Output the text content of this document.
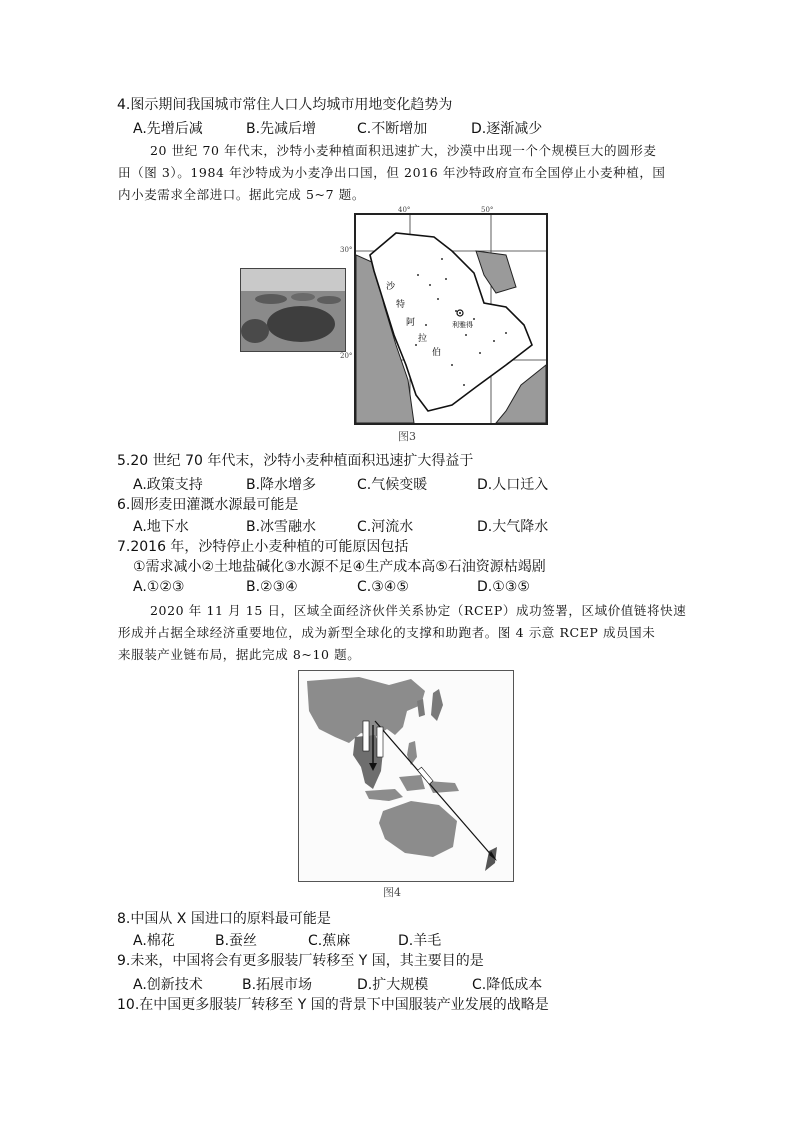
4.图示期间我国城市常住人口人均城市用地变化趋势为
A.先增后减	B.先减后增	C.不断增加	D.逐渐减少
20 世纪 70 年代末，沙特小麦种植面积迅速扩大，沙漠中出现一个个规模巨大的圆形麦
田（图 3）。1984 年沙特成为小麦净出口国，但 2016 年沙特政府宣布全国停止小麦种植，国
内小麦需求全部进口。据此完成 5~7 题。
利雅得
沙
特
阿
拉
伯
40°	50°
30°
20°
图3
5.20 世纪 70 年代末，沙特小麦种植面积迅速扩大得益于
A.政策支持	B.降水增多	C.气候变暖	D.人口迁入
6.圆形麦田灌溉水源最可能是
A.地下水	B.冰雪融水	C.河流水	D.大气降水
7.2016 年，沙特停止小麦种植的可能原因包括
①需求减小②土地盐碱化③水源不足④生产成本高⑤石油资源枯竭剧
A.①②③	B.②③④	C.③④⑤	D.①③⑤
2020 年 11 月 15 日，区域全面经济伙伴关系协定（RCEP）成功签署，区域价值链将快速
形成并占据全球经济重要地位，成为新型全球化的支撑和助跑者。图 4 示意 RCEP 成员国未
来服装产业链布局，据此完成 8~10 题。
图4
8.中国从 X 国进口的原料最可能是
A.棉花	B.蚕丝	C.蕉麻	D.羊毛
9.未来，中国将会有更多服装厂转移至 Y 国，其主要目的是
A.创新技术	B.拓展市场	D.扩大规模	C.降低成本
10.在中国更多服装厂转移至 Y 国的背景下中国服装产业发展的战略是
